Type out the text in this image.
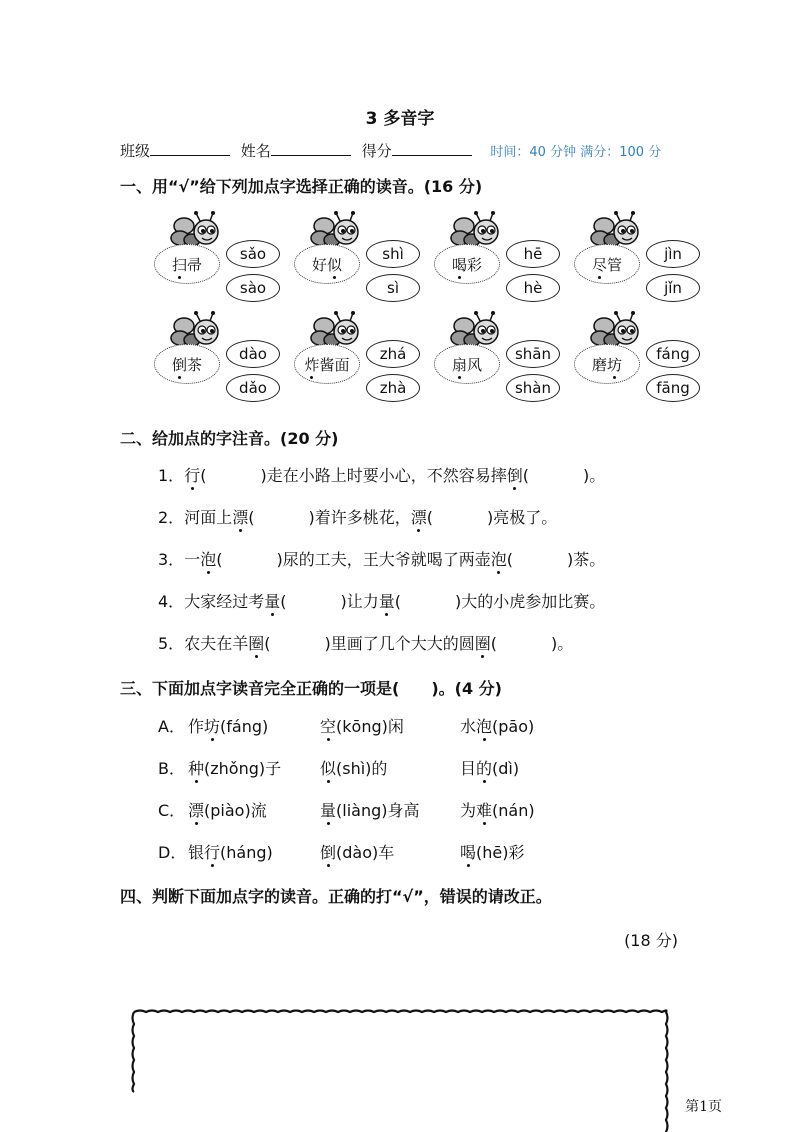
3 多音字
班级	姓名	得分	时间：40 分钟 满分：100 分
一、用“√”给下列加点字选择正确的读音。(16 分)
扫 帚
sǎo
sào
好 似
shì
sì
喝 彩
hē
hè
尽 管
jìn
jǐn
倒 茶
dào
dǎo
炸 酱面
zhá
zhà
扇 风
shān
shàn
磨 坊
fáng
fāng
二、给加点的字注音。(20 分)
1．行(	)走在小路上时要小心，不然容易摔倒(	)。
2．河面上漂(	)着许多桃花，漂(	)亮极了。
3．一泡(	)尿的工夫，王大爷就喝了两壶泡(	)茶。
4．大家经过考量(	)让力量(	)大的小虎参加比赛。
5．农夫在羊圈(	)里画了几个大大的圆圈(	)。
三、下面加点字读音完全正确的一项是(　　)。(4 分)
A． 作坊(fáng)	空(kōng)闲	水泡(pāo)
B． 种(zhǒng)子 似(shì)的	目的(dì)
C． 漂(piào)流	量(liàng)身高	为难(nán)
D． 银行(háng)	倒(dào)车	喝(hē)彩
四、判断下面加点字的读音。正确的打“√”，错误的请改正。
(18 分)
第1页
